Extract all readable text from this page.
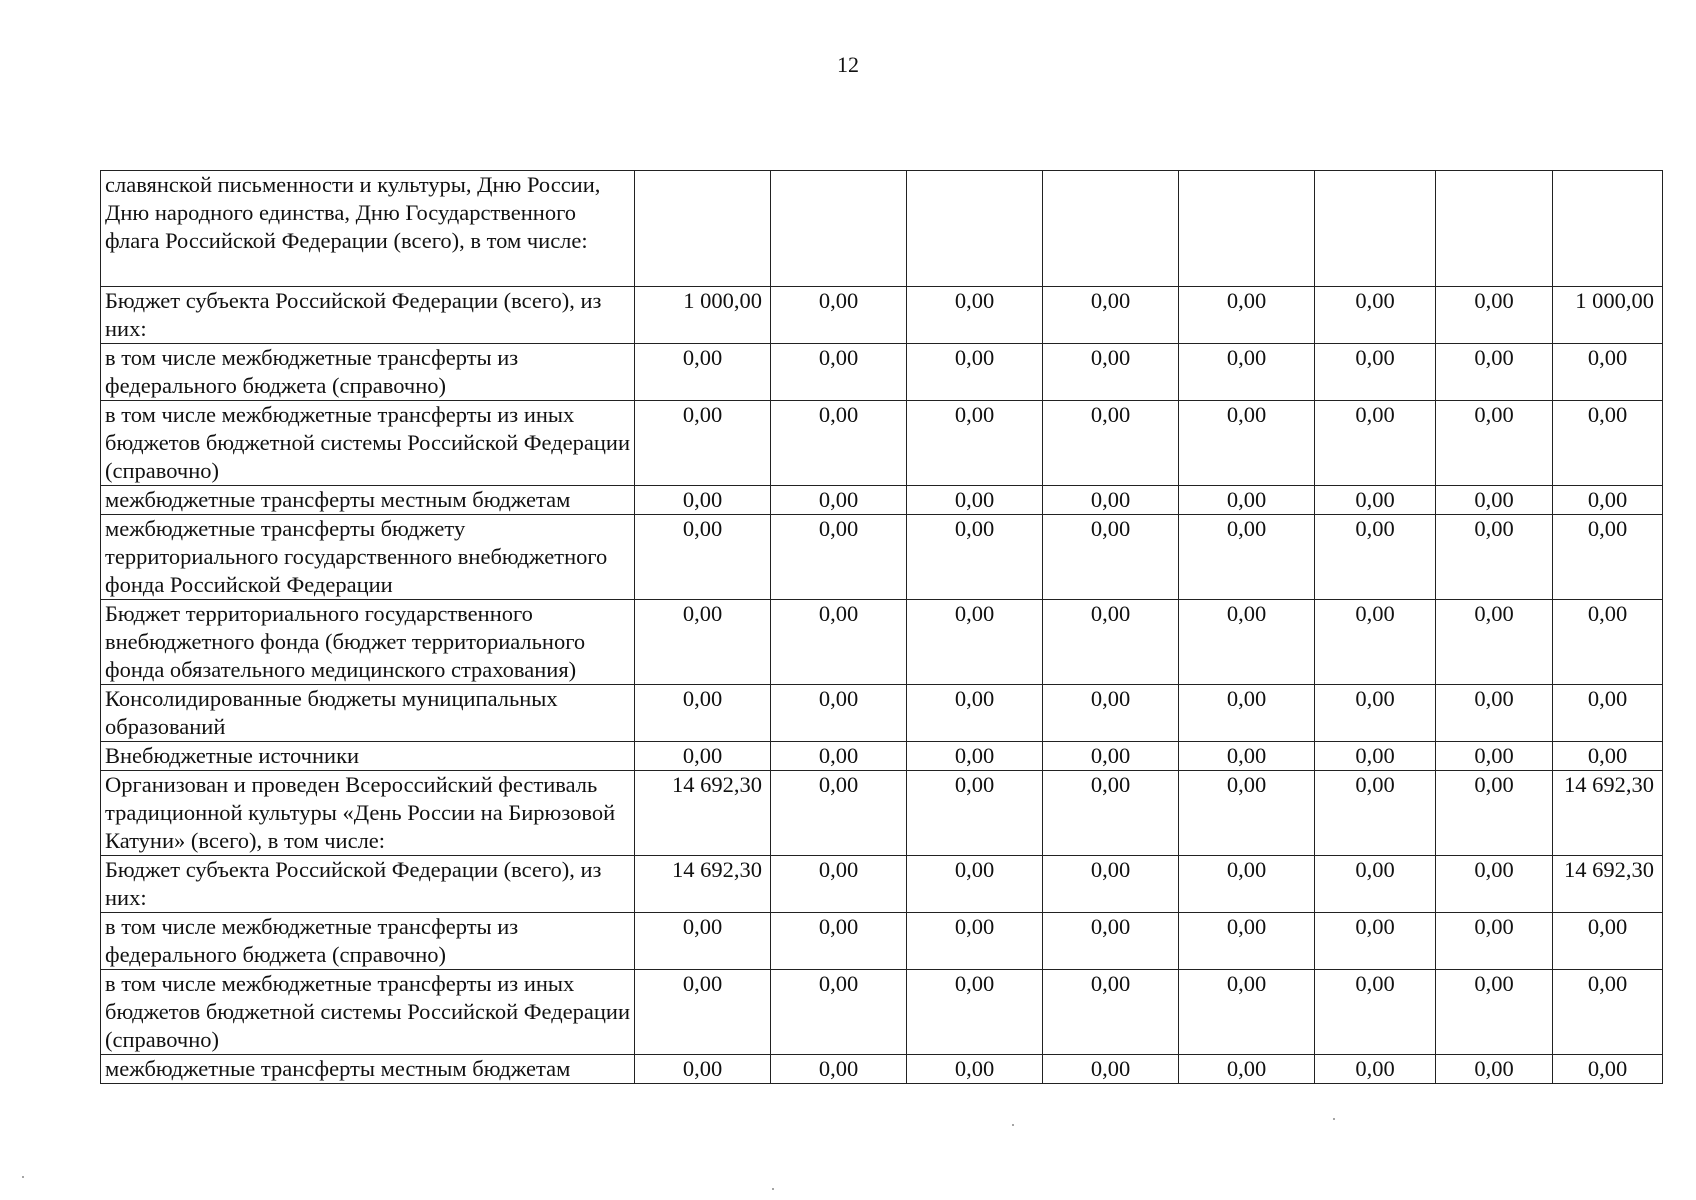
12
славянской письменности и культуры, Дню России, Дню народного единства, Дню Государственного флага Российской Федерации (всего), в том числе:									
Бюджет субъекта Российской Федерации (всего), из них:	1 000,00	0,00	0,00	0,00	0,00	0,00	0,00	1 000,00	
в том числе межбюджетные трансферты из федерального бюджета (справочно)	0,00	0,00	0,00	0,00	0,00	0,00	0,00	0,00	
в том числе межбюджетные трансферты из иных бюджетов бюджетной системы Российской Федерации (справочно)	0,00	0,00	0,00	0,00	0,00	0,00	0,00	0,00	
межбюджетные трансферты местным бюджетам	0,00	0,00	0,00	0,00	0,00	0,00	0,00	0,00	
межбюджетные трансферты бюджету территориального государственного внебюджетного фонда Российской Федерации	0,00	0,00	0,00	0,00	0,00	0,00	0,00	0,00	
Бюджет территориального государственного внебюджетного фонда (бюджет территориального фонда обязательного медицинского страхования)	0,00	0,00	0,00	0,00	0,00	0,00	0,00	0,00	
Консолидированные бюджеты муниципальных образований	0,00	0,00	0,00	0,00	0,00	0,00	0,00	0,00	
Внебюджетные источники	0,00	0,00	0,00	0,00	0,00	0,00	0,00	0,00	
Организован и проведен Всероссийский фестиваль традиционной культуры «День России на Бирюзовой Катуни» (всего), в том числе:	14 692,30	0,00	0,00	0,00	0,00	0,00	0,00	14 692,30	
Бюджет субъекта Российской Федерации (всего), из них:	14 692,30	0,00	0,00	0,00	0,00	0,00	0,00	14 692,30	
в том числе межбюджетные трансферты из федерального бюджета (справочно)	0,00	0,00	0,00	0,00	0,00	0,00	0,00	0,00	
в том числе межбюджетные трансферты из иных бюджетов бюджетной системы Российской Федерации (справочно)	0,00	0,00	0,00	0,00	0,00	0,00	0,00	0,00	
межбюджетные трансферты местным бюджетам	0,00	0,00	0,00	0,00	0,00	0,00	0,00	0,00	
